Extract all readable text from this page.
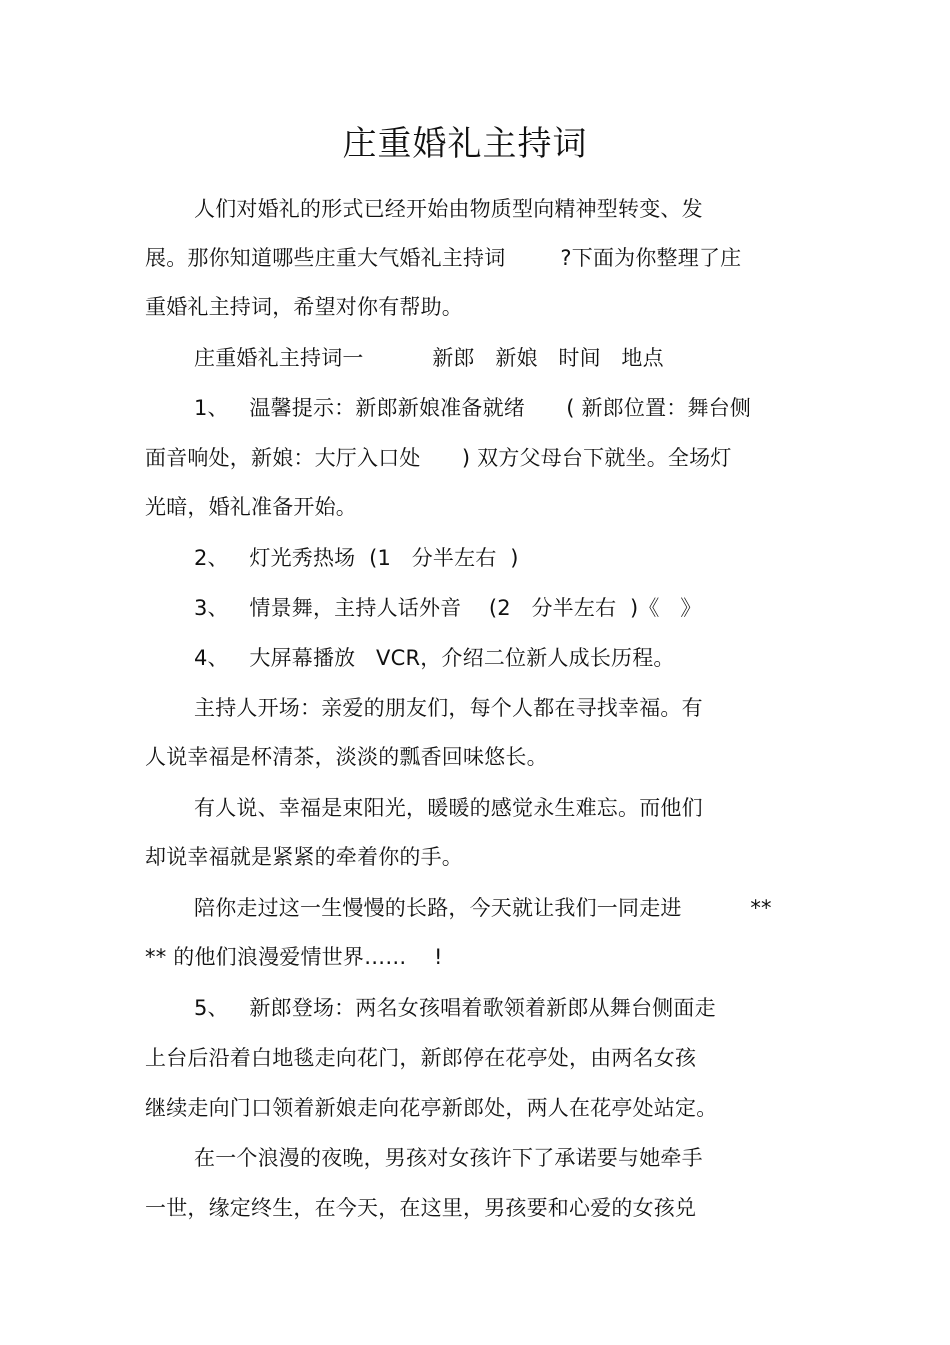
庄重婚礼主持词
人们对婚礼的形式已经开始由物质型向精神型转变、发
展。那你知道哪些庄重大气婚礼主持词        ?下面为你整理了庄
重婚礼主持词，希望对你有帮助。
庄重婚礼主持词一          新郎   新娘   时间   地点
1、   温馨提示：新郎新娘准备就绪      ( 新郎位置：舞台侧
面音响处，新娘：大厅入口处      ) 双方父母台下就坐。全场灯
光暗，婚礼准备开始。
2、   灯光秀热场  (1   分半左右  )
3、   情景舞，主持人话外音    (2   分半左右  )《   》
4、   大屏幕播放   VCR，介绍二位新人成长历程。
主持人开场：亲爱的朋友们，每个人都在寻找幸福。有
人说幸福是杯清茶，淡淡的瓢香回味悠长。
有人说、幸福是束阳光，暖暖的感觉永生难忘。而他们
却说幸福就是紧紧的牵着你的手。
陪你走过这一生慢慢的长路，今天就让我们一同走进          **
** 的他们浪漫爱情世界……    !
5、   新郎登场：两名女孩唱着歌领着新郎从舞台侧面走
上台后沿着白地毯走向花门，新郎停在花亭处，由两名女孩
继续走向门口领着新娘走向花亭新郎处，两人在花亭处站定。
在一个浪漫的夜晚，男孩对女孩许下了承诺要与她牵手
一世，缘定终生，在今天，在这里，男孩要和心爱的女孩兑
